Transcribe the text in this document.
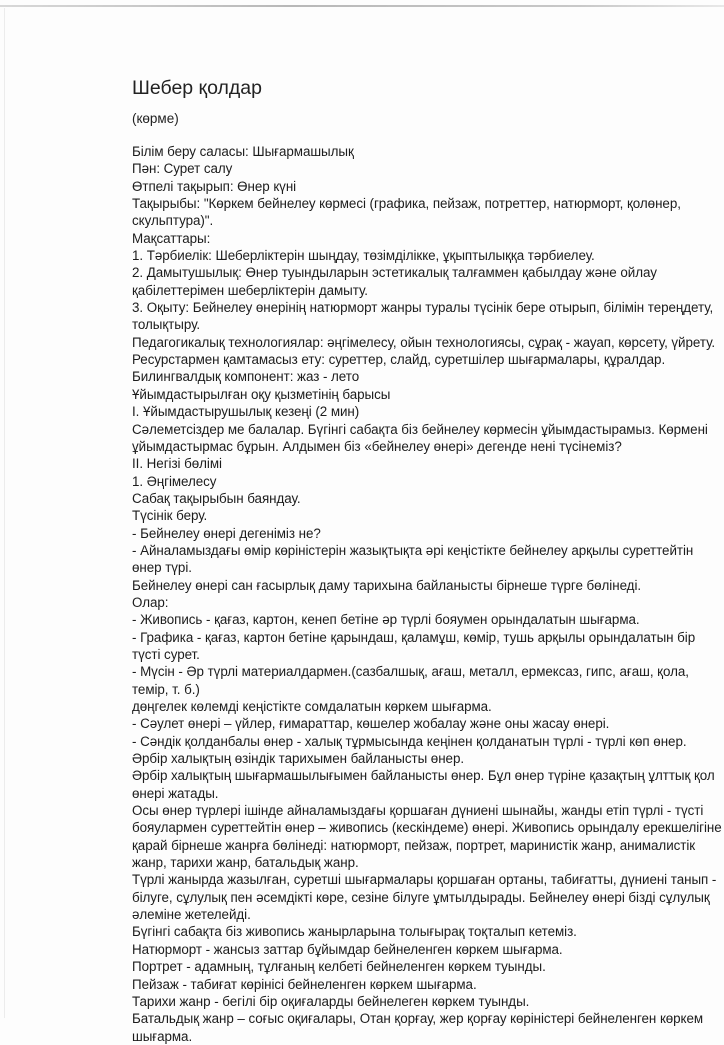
Шебер қолдар
(көрме)

Білім беру саласы: Шығармашылық

Пән: Сурет салу

Өтпелі тақырып: Өнер күні

Тақырыбы: "Көркем бейнелеу көрмесі (графика, пейзаж, потреттер, натюрморт, қолөнер, скульптура)".

Мақсаттары:

1. Тәрбиелік: Шеберліктерін шыңдау, төзімділікке, ұқыптылыққа тәрбиелеу.

2. Дамытушылық: Өнер туындыларын эстетикалық талғаммен қабылдау және ойлау қабілеттерімен шеберліктерін дамыту.

3. Оқыту: Бейнелеу өнерінің натюрморт жанры туралы түсінік бере отырып, білімін тереңдету, толықтыру.

Педагогикалық технологиялар: әңгімелесу, ойын технологиясы, сұрақ - жауап, көрсету, үйрету.

Ресурстармен қамтамасыз ету: суреттер, слайд, суретшілер шығармалары, құралдар.

Билингвалдық компонент: жаз - лето

Ұйымдастырылған оқу қызметінің барысы

I. Ұйымдастырушылық кезеңі (2 мин)

Сәлеметсіздер ме балалар. Бүгінгі сабақта біз бейнелеу көрмесін ұйымдастырамыз. Көрмені ұйымдастырмас бұрын. Алдымен біз «бейнелеу өнері» дегенде нені түсінеміз?

II. Негізі бөлімі

1. Әңгімелесу

Сабақ тақырыбын баяндау.

Түсінік беру.

- Бейнелеу өнері дегеніміз не?

- Айналамыздағы өмір көріністерін жазықтықта әрі кеңістікте бейнелеу арқылы суреттейтін өнер түрі.

Бейнелеу өнері сан ғасырлық даму тарихына байланысты бірнеше түрге бөлінеді.

Олар:

- Живопись - қағаз, картон, кенеп бетіне әр түрлі бояумен орындалатын шығарма.

- Графика - қағаз, картон бетіне қарындаш, қаламұш, көмір, тушь арқылы орындалатын бір түсті сурет.

- Мүсін - Әр түрлі материалдармен.(сазбалшық, ағаш, металл, ермексаз, гипс, ағаш, қола, темір, т. б.)

дөңгелек көлемді кеңістікте сомдалатын көркем шығарма.

- Сәулет өнері – үйлер, ғимараттар, көшелер жобалау және оны жасау өнері.

- Сәндік қолданбалы өнер - халық тұрмысында кеңінен қолданатын түрлі - түрлі көп өнер.

Әрбір халықтың өзіндік тарихымен байланысты өнер.

Әрбір халықтың шығармашылығымен байланысты өнер. Бұл өнер түріне қазақтың ұлттық қол өнері жатады.

Осы өнер түрлері ішінде айналамыздағы қоршаған дүниені шынайы, жанды етіп түрлі - түсті бояулармен суреттейтін өнер – живопись (кескіндеме) өнері. Живопись орындалу ерекшелігіне қарай бірнеше жанрға бөлінеді: натюрморт, пейзаж, портрет, маринистік жанр, анималистік жанр, тарихи жанр, батальдық жанр.

Түрлі жанырда жазылған, суретші шығармалары қоршаған ортаны, табиғатты, дүниені танып - білуге, сұлулық пен әсемдікті көре, сезіне білуге ұмтылдырады. Бейнелеу өнері бізді сұлулық әлеміне жетелейді.

Бүгінгі сабақта біз живопись жанырларына толығырақ тоқталып кетеміз.

Натюрморт - жансыз заттар бұйымдар бейнеленген көркем шығарма.

Портрет - адамның, тұлғаның келбеті бейнеленген көркем туынды.

Пейзаж - табиғат көрінісі бейнеленген көркем шығарма.

Тарихи жанр - бегілі бір оқиғаларды бейнелеген көркем туынды.

Батальдық жанр – соғыс оқиғалары, Отан қорғау, жер қорғау көріністері бейнеленген көркем шығарма.
